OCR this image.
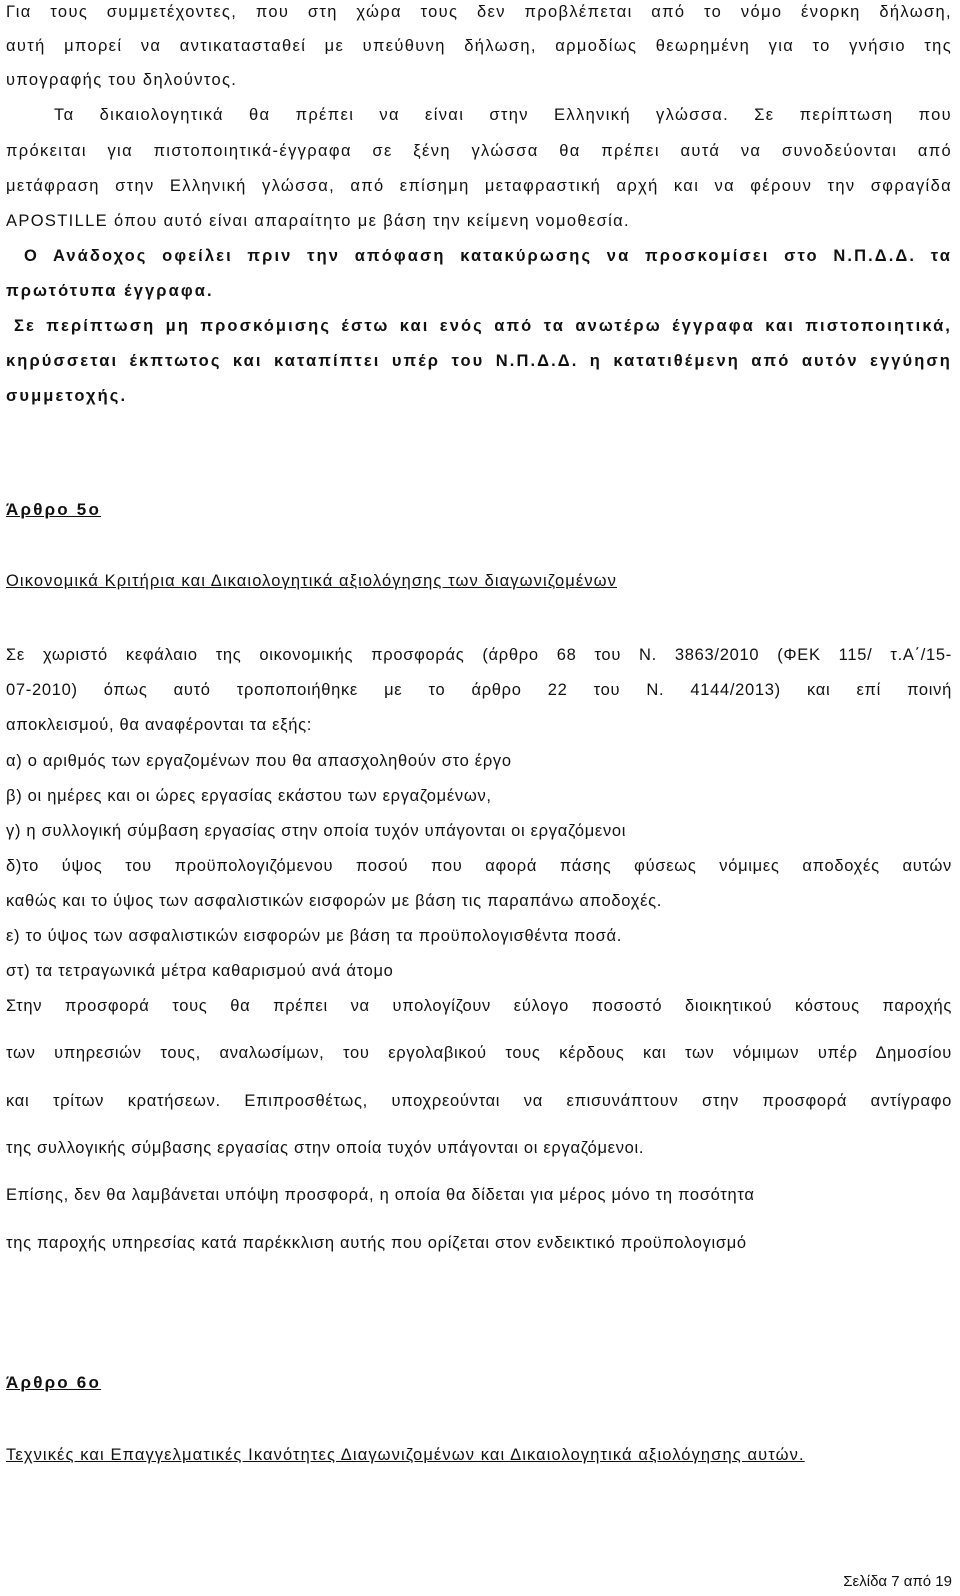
Για τους συμμετέχοντες, που στη χώρα τους δεν προβλέπεται από το νόμο ένορκη δήλωση,
αυτή μπορεί να αντικατασταθεί με υπεύθυνη δήλωση, αρμοδίως θεωρημένη για το γνήσιο της
υπογραφής του δηλούντος.
Τα δικαιολογητικά θα πρέπει να είναι στην Ελληνική γλώσσα. Σε περίπτωση που
πρόκειται για πιστοποιητικά-έγγραφα σε ξένη γλώσσα θα πρέπει αυτά να συνοδεύονται από
μετάφραση στην Ελληνική γλώσσα, από επίσημη μεταφραστική αρχή και να φέρουν την σφραγίδα
APOSTILLE όπου αυτό είναι απαραίτητο με βάση την κείμενη νομοθεσία.
Ο Ανάδοχος οφείλει πριν την απόφαση κατακύρωσης να προσκομίσει στο Ν.Π.Δ.Δ. τα
πρωτότυπα έγγραφα.
Σε περίπτωση μη προσκόμισης έστω και ενός από τα ανωτέρω έγγραφα και πιστοποιητικά,
κηρύσσεται έκπτωτος και καταπίπτει υπέρ του Ν.Π.Δ.Δ. η κατατιθέμενη από αυτόν εγγύηση
συμμετοχής.
Άρθρο 5ο
Οικονομικά Κριτήρια και Δικαιολογητικά αξιολόγησης των διαγωνιζομένων
Σε χωριστό κεφάλαιο της οικονομικής προσφοράς (άρθρο 68 του Ν. 3863/2010 (ΦΕΚ 115/ τ.Α΄/15-
07-2010) όπως αυτό τροποποιήθηκε με το άρθρο 22 του Ν. 4144/2013) και επί ποινή
αποκλεισμού, θα αναφέρονται τα εξής:
α) ο αριθμός των εργαζομένων που θα απασχοληθούν στο έργο
β) οι ημέρες και οι ώρες εργασίας εκάστου των εργαζομένων,
γ) η συλλογική σύμβαση εργασίας στην οποία τυχόν υπάγονται οι εργαζόμενοι
δ)το ύψος του προϋπολογιζόμενου ποσού που αφορά πάσης φύσεως νόμιμες αποδοχές αυτών
καθώς και το ύψος των ασφαλιστικών εισφορών με βάση τις παραπάνω αποδοχές.
ε) το ύψος των ασφαλιστικών εισφορών με βάση τα προϋπολογισθέντα ποσά.
στ) τα τετραγωνικά μέτρα καθαρισμού ανά άτομο
Στην προσφορά τους θα πρέπει να υπολογίζουν εύλογο ποσοστό διοικητικού κόστους παροχής
των υπηρεσιών τους, αναλωσίμων, του εργολαβικού τους κέρδους και των νόμιμων υπέρ Δημοσίου
και τρίτων κρατήσεων. Επιπροσθέτως, υποχρεούνται να επισυνάπτουν στην προσφορά αντίγραφο
της συλλογικής σύμβασης εργασίας στην οποία τυχόν υπάγονται οι εργαζόμενοι.
Επίσης, δεν θα λαμβάνεται υπόψη προσφορά, η οποία θα δίδεται για μέρος μόνο τη ποσότητα
της παροχής υπηρεσίας κατά παρέκκλιση αυτής που ορίζεται στον ενδεικτικό προϋπολογισμό
Άρθρο 6ο
Τεχνικές και Επαγγελματικές Ικανότητες Διαγωνιζομένων και Δικαιολογητικά αξιολόγησης αυτών.
Σελίδα 7 από 19
